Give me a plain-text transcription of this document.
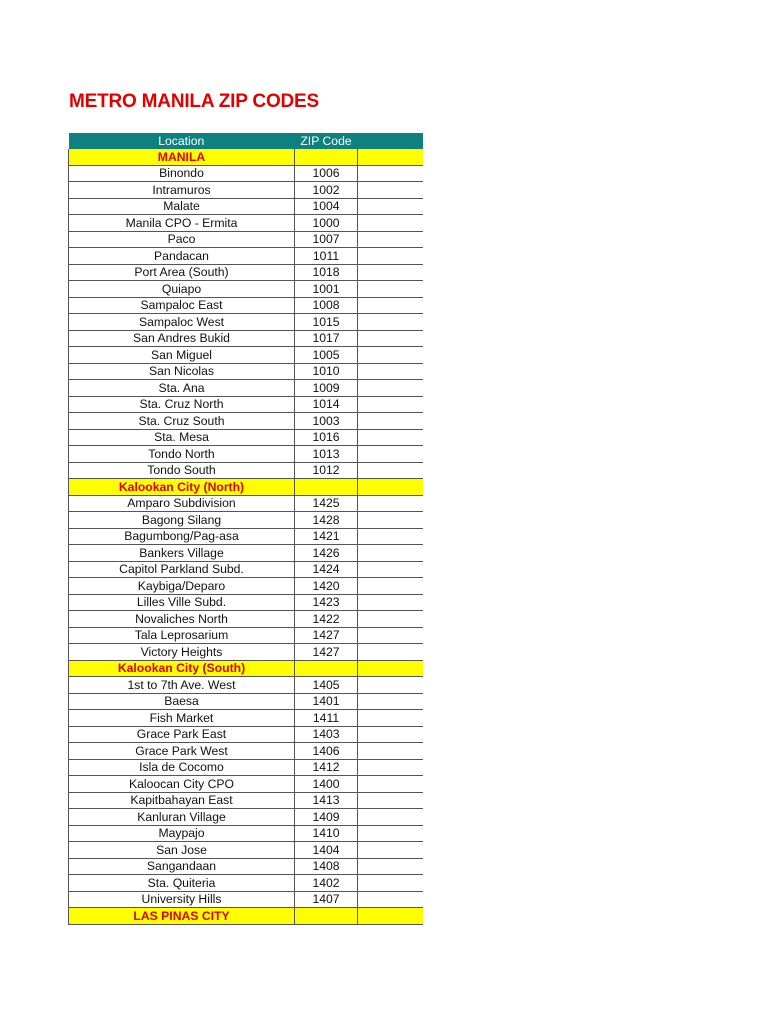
METRO MANILA ZIP CODES
Location	ZIP Code	
MANILA		
Binondo	1006	
Intramuros	1002	
Malate	1004	
Manila CPO - Ermita	1000	
Paco	1007	
Pandacan	1011	
Port Area (South)	1018	
Quiapo	1001	
Sampaloc East	1008	
Sampaloc West	1015	
San Andres Bukid	1017	
San Miguel	1005	
San Nicolas	1010	
Sta. Ana	1009	
Sta. Cruz North	1014	
Sta. Cruz South	1003	
Sta. Mesa	1016	
Tondo North	1013	
Tondo South	1012	
Kalookan City (North)		
Amparo Subdivision	1425	
Bagong Silang	1428	
Bagumbong/Pag-asa	1421	
Bankers Village	1426	
Capitol Parkland Subd.	1424	
Kaybiga/Deparo	1420	
Lilles Ville Subd.	1423	
Novaliches North	1422	
Tala Leprosarium	1427	
Victory Heights	1427	
Kalookan City (South)		
1st to 7th Ave. West	1405	
Baesa	1401	
Fish Market	1411	
Grace Park East	1403	
Grace Park West	1406	
Isla de Cocomo	1412	
Kaloocan City CPO	1400	
Kapitbahayan East	1413	
Kanluran Village	1409	
Maypajo	1410	
San Jose	1404	
Sangandaan	1408	
Sta. Quiteria	1402	
University Hills	1407	
LAS PINAS CITY		
